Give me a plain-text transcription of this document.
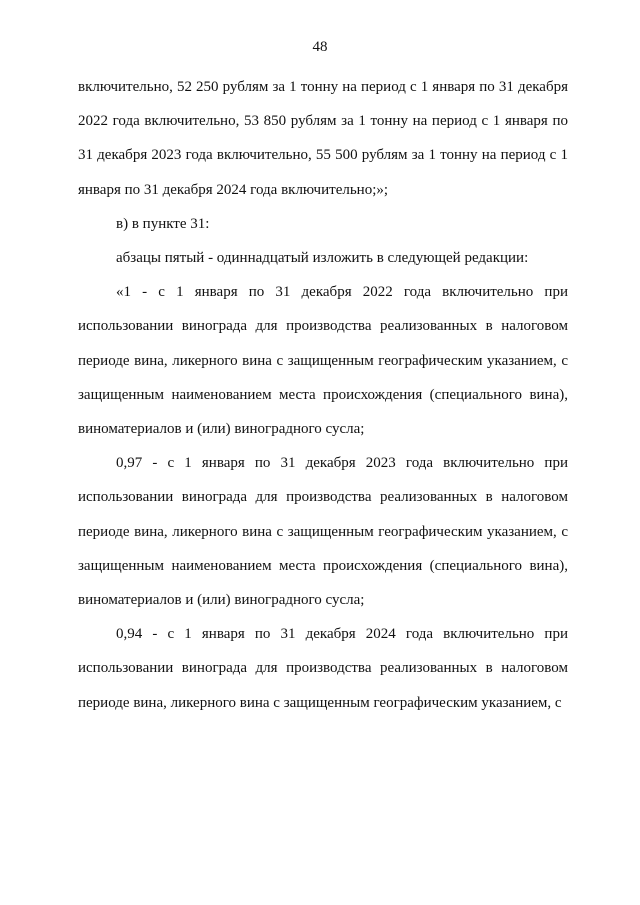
48

включительно, 52 250 рублям за 1 тонну на период с 1 января по 31 декабря 2022 года включительно, 53 850 рублям за 1 тонну на период с 1 января по 31 декабря 2023 года включительно, 55 500 рублям за 1 тонну на период с 1 января по 31 декабря 2024 года включительно;»;

в) в пункте 31:

абзацы пятый - одиннадцатый изложить в следующей редакции:

«1 - с 1 января по 31 декабря 2022 года включительно при использовании винограда для производства реализованных в налоговом периоде вина, ликерного вина с защищенным географическим указанием, с защищенным наименованием места происхождения (специального вина), виноматериалов и (или) виноградного сусла;

0,97 - с 1 января по 31 декабря 2023 года включительно при использовании винограда для производства реализованных в налоговом периоде вина, ликерного вина с защищенным географическим указанием, с защищенным наименованием места происхождения (специального вина), виноматериалов и (или) виноградного сусла;

0,94 - с 1 января по 31 декабря 2024 года включительно при использовании винограда для производства реализованных в налоговом периоде вина, ликерного вина с защищенным географическим указанием, с
